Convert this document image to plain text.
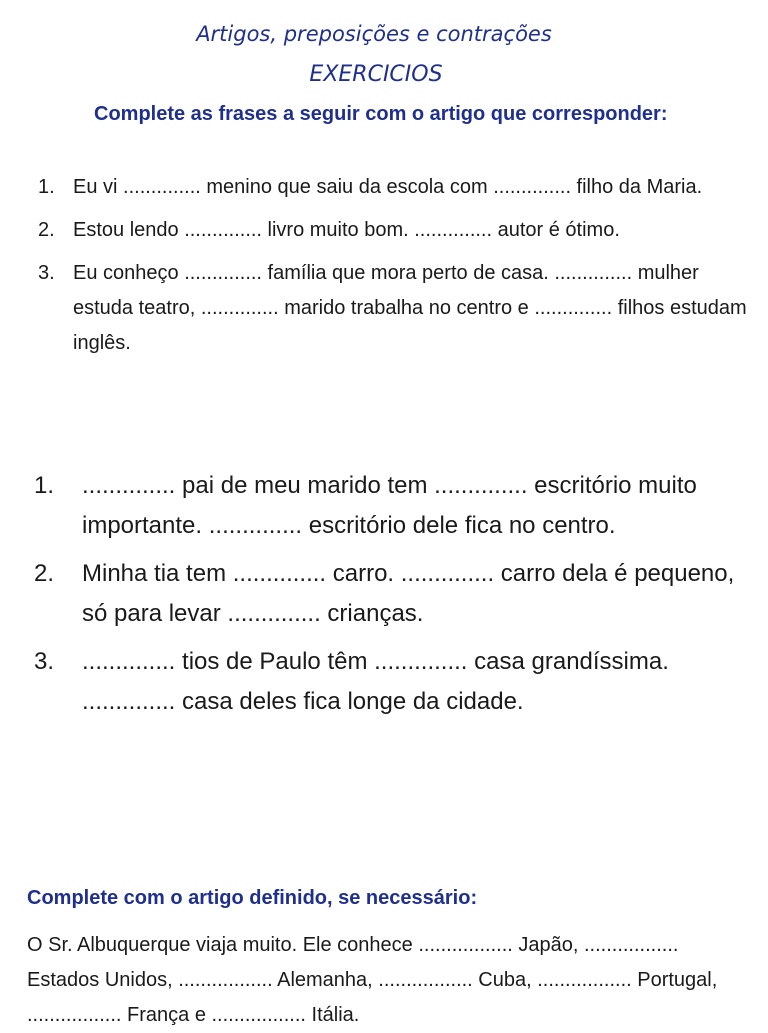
Artigos, preposições e contrações
EXERCICIOS
Complete as frases a seguir com o artigo que corresponder:
1. Eu vi .............. menino que saiu da escola com .............. filho da Maria.
2. Estou lendo .............. livro muito bom. .............. autor é ótimo.
3. Eu conheço .............. família que mora perto de casa. .............. mulher estuda teatro, .............. marido trabalha no centro e .............. filhos estudam inglês.
1. .............. pai de meu marido tem .............. escritório muito importante. .............. escritório dele fica no centro.
2. Minha tia tem .............. carro. .............. carro dela é pequeno, só para levar .............. crianças.
3. .............. tios de Paulo têm .............. casa grandíssima. .............. casa deles fica longe da cidade.
Complete com o artigo definido, se necessário:

O Sr. Albuquerque viaja muito. Ele conhece ................. Japão, ................. Estados Unidos, ................. Alemanha, ................. Cuba, ................. Portugal, ................. França e ................. Itália.
